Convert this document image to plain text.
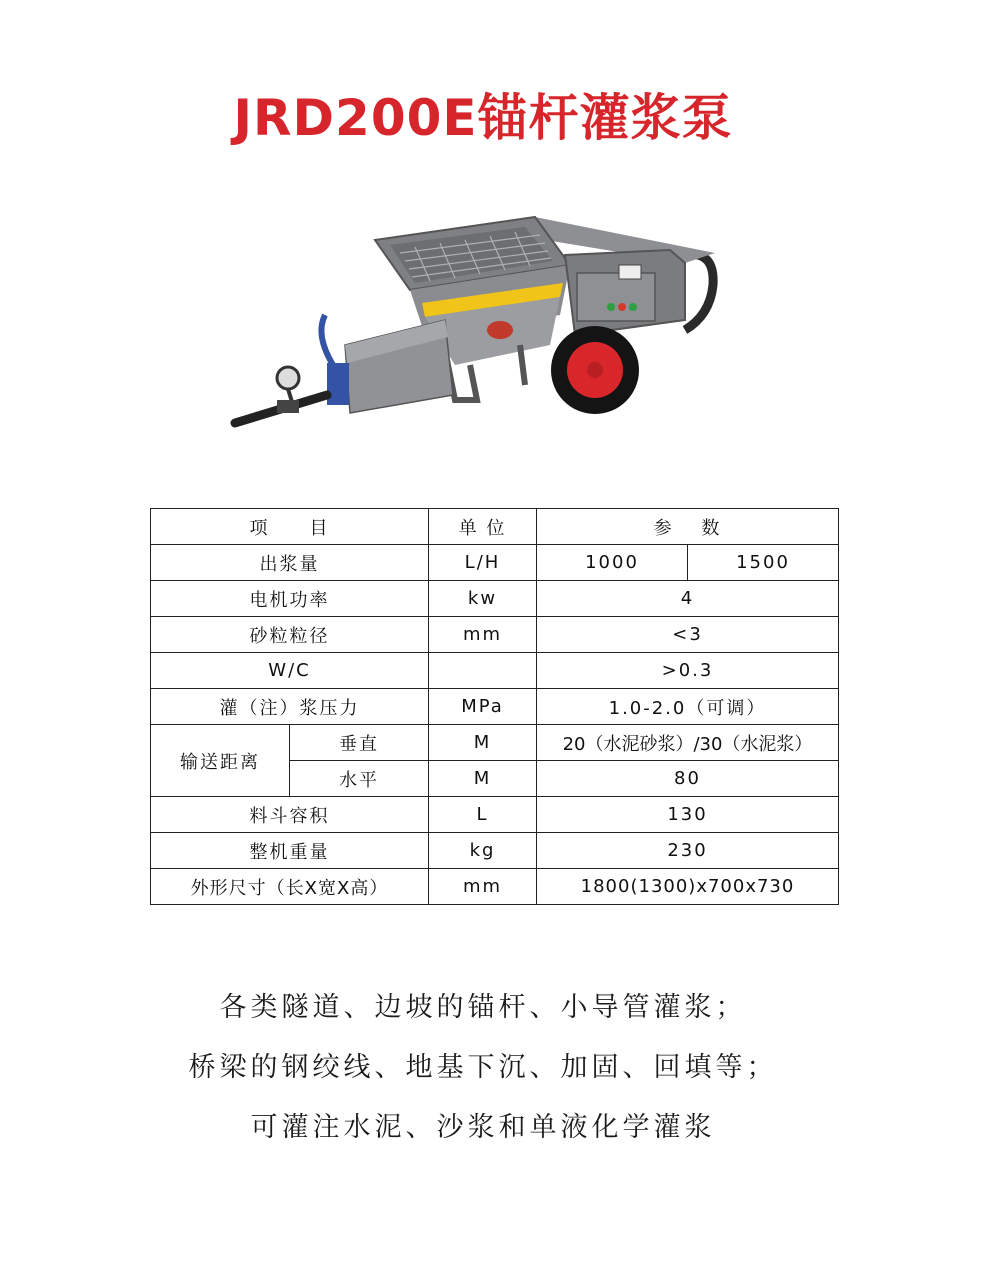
JRD200E锚杆灌浆泵
项　　目		单 位	参　 数	
出浆量		L/H	1000	1500
电机功率		kw	4	
砂粒粒径		mm	<3	
W/C			>0.3	
灌（注）浆压力		MPa	1.0-2.0（可调）	
输送距离	垂直	M	20（水泥砂浆）/30（水泥浆）	
	水平	M	80	
料斗容积		L	130	
整机重量		kg	230	
外形尺寸（长X宽X高）		mm	1800(1300)x700x730	
各类隧道、边坡的锚杆、小导管灌浆；
桥梁的钢绞线、地基下沉、加固、回填等；
可灌注水泥、沙浆和单液化学灌浆
